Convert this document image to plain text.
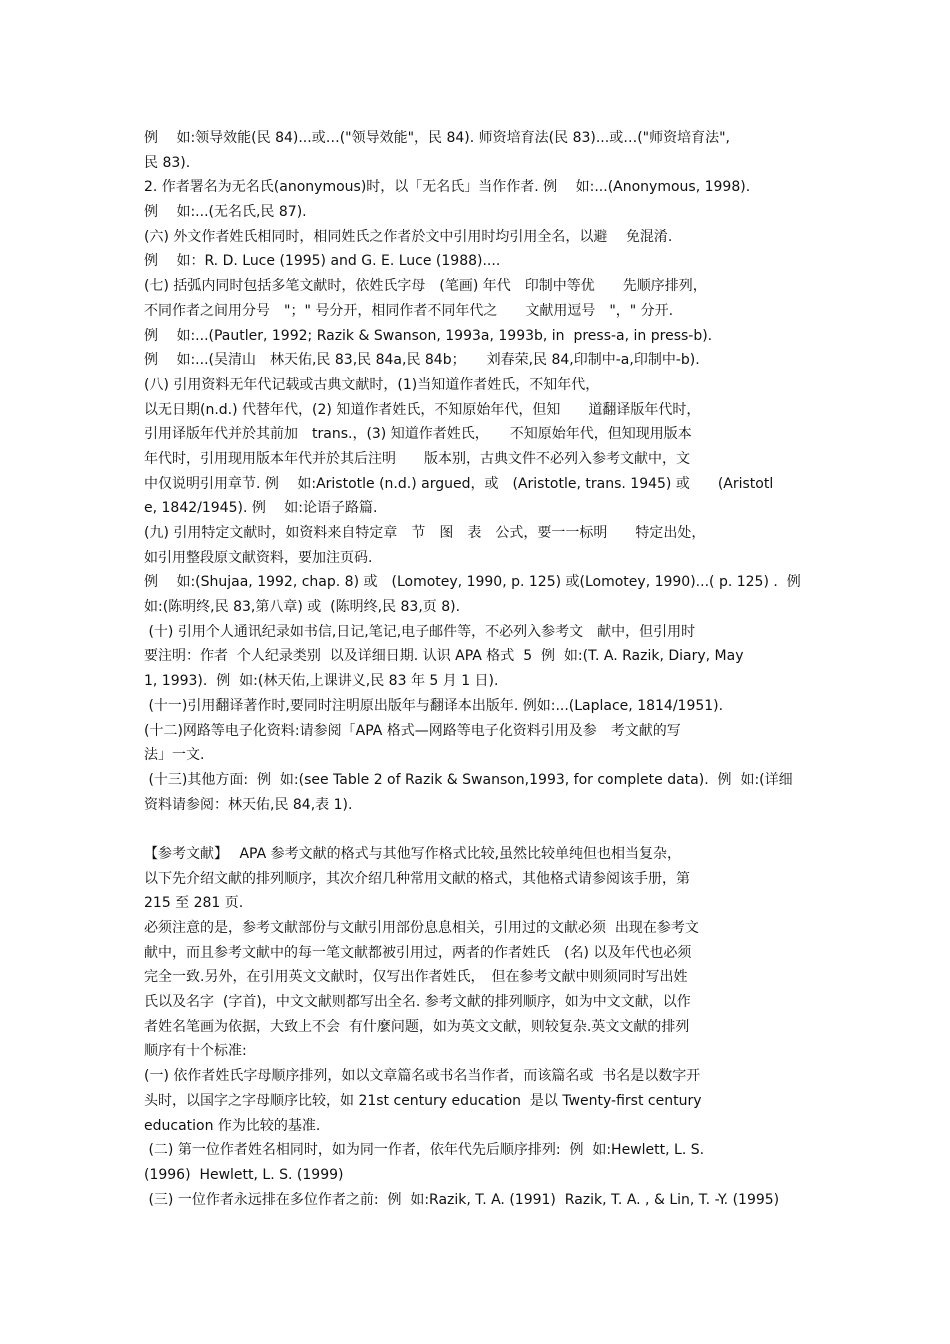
例　 如:领导效能(民 84)...或…("领导效能"，民 84). 师资培育法(民 83)...或…("师资培育法",
民 83).
2. 作者署名为无名氏(anonymous)时，以「无名氏」当作作者. 例　 如:...(Anonymous, 1998).
例　 如:...(无名氏,民 87).
(六) 外文作者姓氏相同时，相同姓氏之作者於文中引用时均引用全名，以避　 免混淆.
例　 如：R. D. Luce (1995) and G. E. Luce (1988)....
(七) 括弧内同时包括多笔文献时，依姓氏字母　(笔画) 年代　印制中等优　　先顺序排列，
不同作者之间用分号　"；" 号分开，相同作者不同年代之　　文献用逗号　"，" 分开.
例　 如:...(Pautler, 1992; Razik & Swanson, 1993a, 1993b, in  press-a, in press-b).
例　 如:...(吴清山　林天佑,民 83,民 84a,民 84b；　　刘春荣,民 84,印制中-a,印制中-b).
(八) 引用资料无年代记载或古典文献时，(1)当知道作者姓氏，不知年代，
以无日期(n.d.) 代替年代，(2) 知道作者姓氏，不知原始年代，但知　　道翻译版年代时，
引用译版年代并於其前加　trans.，(3) 知道作者姓氏，　　不知原始年代，但知现用版本
年代时，引用现用版本年代并於其后注明　　版本别，古典文件不必列入参考文献中，文
中仅说明引用章节. 例　 如:Aristotle (n.d.) argued，或　(Aristotle, trans. 1945) 或　　(Aristotl
e, 1842/1945). 例　 如:论语子路篇.
(九) 引用特定文献时，如资料来自特定章　节　图　表　公式，要一一标明　　特定出处，
如引用整段原文献资料，要加注页码.
例　 如:(Shujaa, 1992, chap. 8) 或　(Lomotey, 1990, p. 125) 或(Lomotey, 1990)...( p. 125) .  例
如:(陈明终,民 83,第八章) 或  (陈明终,民 83,页 8).
(十) 引用个人通讯纪录如书信,日记,笔记,电子邮件等，不必列入参考文　献中，但引用时
要注明：作者  个人纪录类别  以及详细日期. 认识 APA 格式  5  例  如:(T. A. Razik, Diary, May
1, 1993).  例  如:(林天佑,上课讲义,民 83 年 5 月 1 日).
(十一)引用翻译著作时,要同时注明原出版年与翻译本出版年. 例如:...(Laplace, 1814/1951).
(十二)网路等电子化资料:请参阅「APA 格式—网路等电子化资料引用及参　考文献的写
法」一文.
(十三)其他方面:  例  如:(see Table 2 of Razik & Swanson,1993, for complete data).  例  如:(详细
资料请参阅：林天佑,民 84,表 1).
【参考文献】　 APA 参考文献的格式与其他写作格式比较,虽然比较单纯但也相当复杂，
以下先介绍文献的排列顺序，其次介绍几种常用文献的格式，其他格式请参阅该手册，第
215 至 281 页.
必须注意的是，参考文献部份与文献引用部份息息相关，引用过的文献必须  出现在参考文
献中，而且参考文献中的每一笔文献都被引用过，两者的作者姓氏　(名) 以及年代也必须
完全一致.另外，在引用英文文献时，仅写出作者姓氏，　但在参考文献中则须同时写出姓
氏以及名字  (字首)，中文文献则都写出全名. 参考文献的排列顺序，如为中文文献，以作
者姓名笔画为依据，大致上不会  有什麼问题，如为英文文献，则较复杂.英文文献的排列
顺序有十个标准:
(一) 依作者姓氏字母顺序排列，如以文章篇名或书名当作者，而该篇名或  书名是以数字开
头时，以国字之字母顺序比较，如 21st century education  是以 Twenty-first century
education 作为比较的基准.
(二) 第一位作者姓名相同时，如为同一作者，依年代先后顺序排列:  例  如:Hewlett, L. S.
(1996)  Hewlett, L. S. (1999)
(三) 一位作者永远排在多位作者之前:  例  如:Razik, T. A. (1991)  Razik, T. A. , & Lin, T. -Y. (1995)
